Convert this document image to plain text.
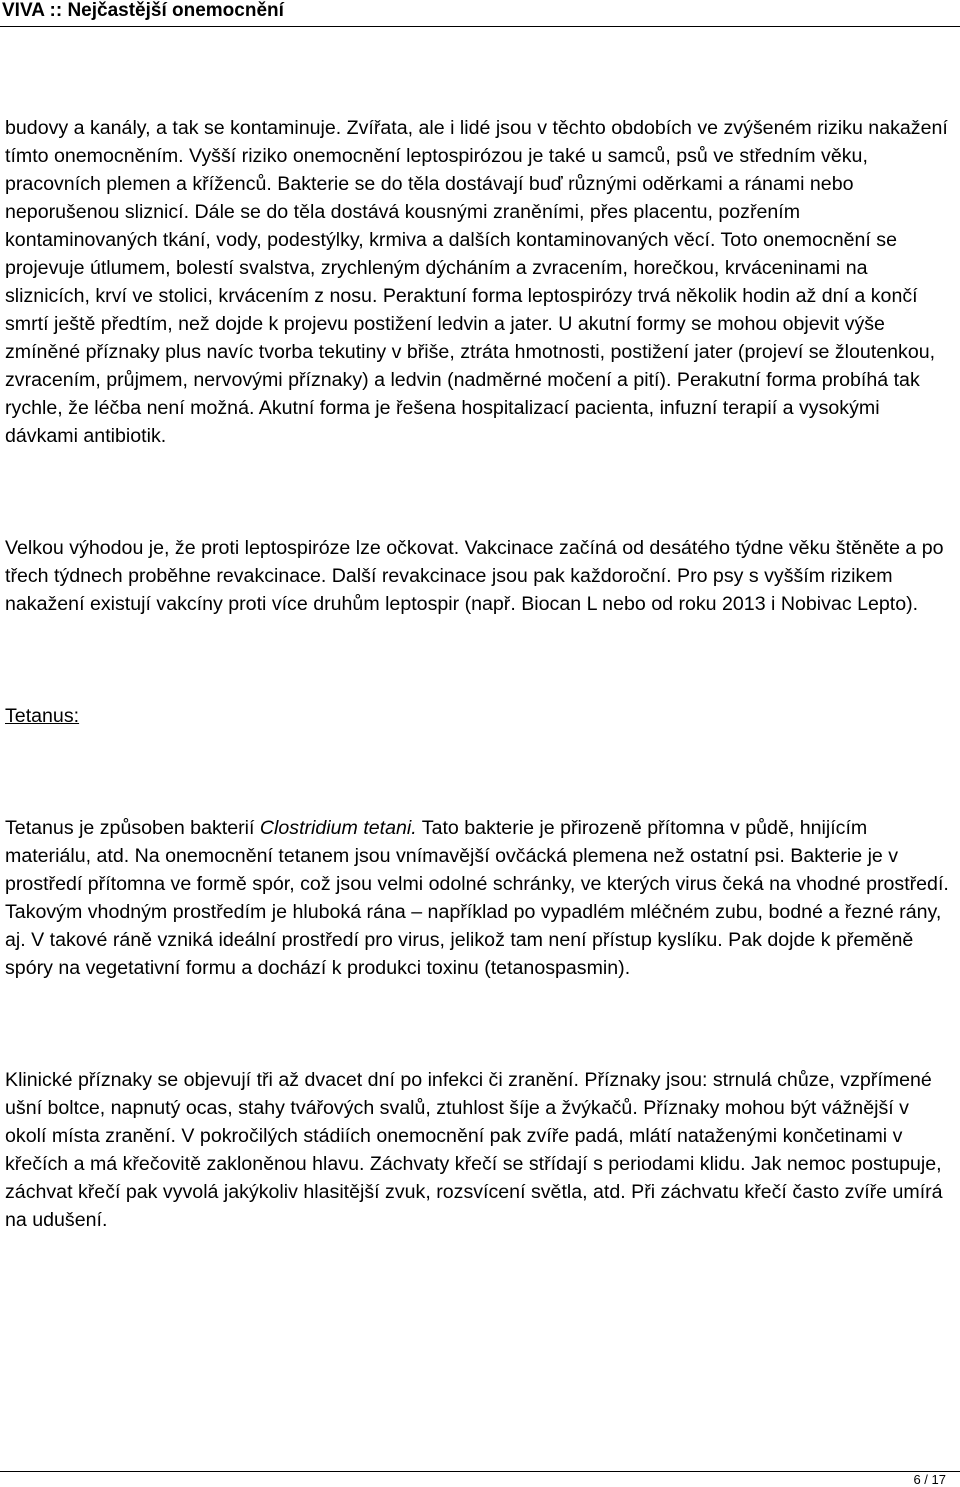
VIVA :: Nejčastější onemocnění

budovy a kanály, a tak se kontaminuje. Zvířata, ale i lidé jsou v těchto obdobích ve zvýšeném riziku nakažení tímto onemocněním. Vyšší riziko onemocnění leptospirózou je také u samců, psů ve středním věku, pracovních plemen a kříženců. Bakterie se do těla dostávají buď různými oděrkami a ránami nebo neporušenou sliznicí. Dále se do těla dostává kousnými zraněními, přes placentu, pozřením kontaminovaných tkání, vody, podestýlky, krmiva a dalších kontaminovaných věcí. Toto onemocnění se projevuje útlumem, bolestí svalstva, zrychleným dýcháním a zvracením, horečkou, krváceninami na sliznicích, krví ve stolici, krvácením z nosu. Peraktuní forma leptospirózy trvá několik hodin až dní a končí smrtí ještě předtím, než dojde k projevu postižení ledvin a jater. U akutní formy se mohou objevit výše zmíněné příznaky plus navíc tvorba tekutiny v břiše, ztráta hmotnosti, postižení jater (projeví se žloutenkou, zvracením, průjmem, nervovými příznaky) a ledvin (nadměrné močení a pití). Perakutní forma probíhá tak rychle, že léčba není možná. Akutní forma je řešena hospitalizací pacienta, infuzní terapií a vysokými dávkami antibiotik.

Velkou výhodou je, že proti leptospiróze lze očkovat. Vakcinace začíná od desátého týdne věku štěněte a po třech týdnech proběhne revakcinace. Další revakcinace jsou pak každoroční. Pro psy s vyšším rizikem nakažení existují vakcíny proti více druhům leptospir (např. Biocan L nebo od roku 2013 i Nobivac Lepto).

Tetanus:

Tetanus je způsoben bakterií Clostridium tetani. Tato bakterie je přirozeně přítomna v půdě, hnijícím materiálu, atd. Na onemocnění tetanem jsou vnímavější ovčácká plemena než ostatní psi. Bakterie je v prostředí přítomna ve formě spór, což jsou velmi odolné schránky, ve kterých virus čeká na vhodné prostředí. Takovým vhodným prostředím je hluboká rána – například po vypadlém mléčném zubu, bodné a řezné rány, aj. V takové ráně vzniká ideální prostředí pro virus, jelikož tam není přístup kyslíku. Pak dojde k přeměně spóry na vegetativní formu a dochází k produkci toxinu (tetanospasmin).

Klinické příznaky se objevují tři až dvacet dní po infekci či zranění. Příznaky jsou: strnulá chůze, vzpřímené ušní boltce, napnutý ocas, stahy tvářových svalů, ztuhlost šíje a žvýkačů. Příznaky mohou být vážnější v okolí místa zranění. V pokročilých stádiích onemocnění pak zvíře padá, mlátí nataženými končetinami v křečích a má křečovitě zakloněnou hlavu. Záchvaty křečí se střídají s periodami klidu. Jak nemoc postupuje, záchvat křečí pak vyvolá jakýkoliv hlasitější zvuk, rozsvícení světla, atd. Při záchvatu křečí často zvíře umírá na udušení.

6 / 17
